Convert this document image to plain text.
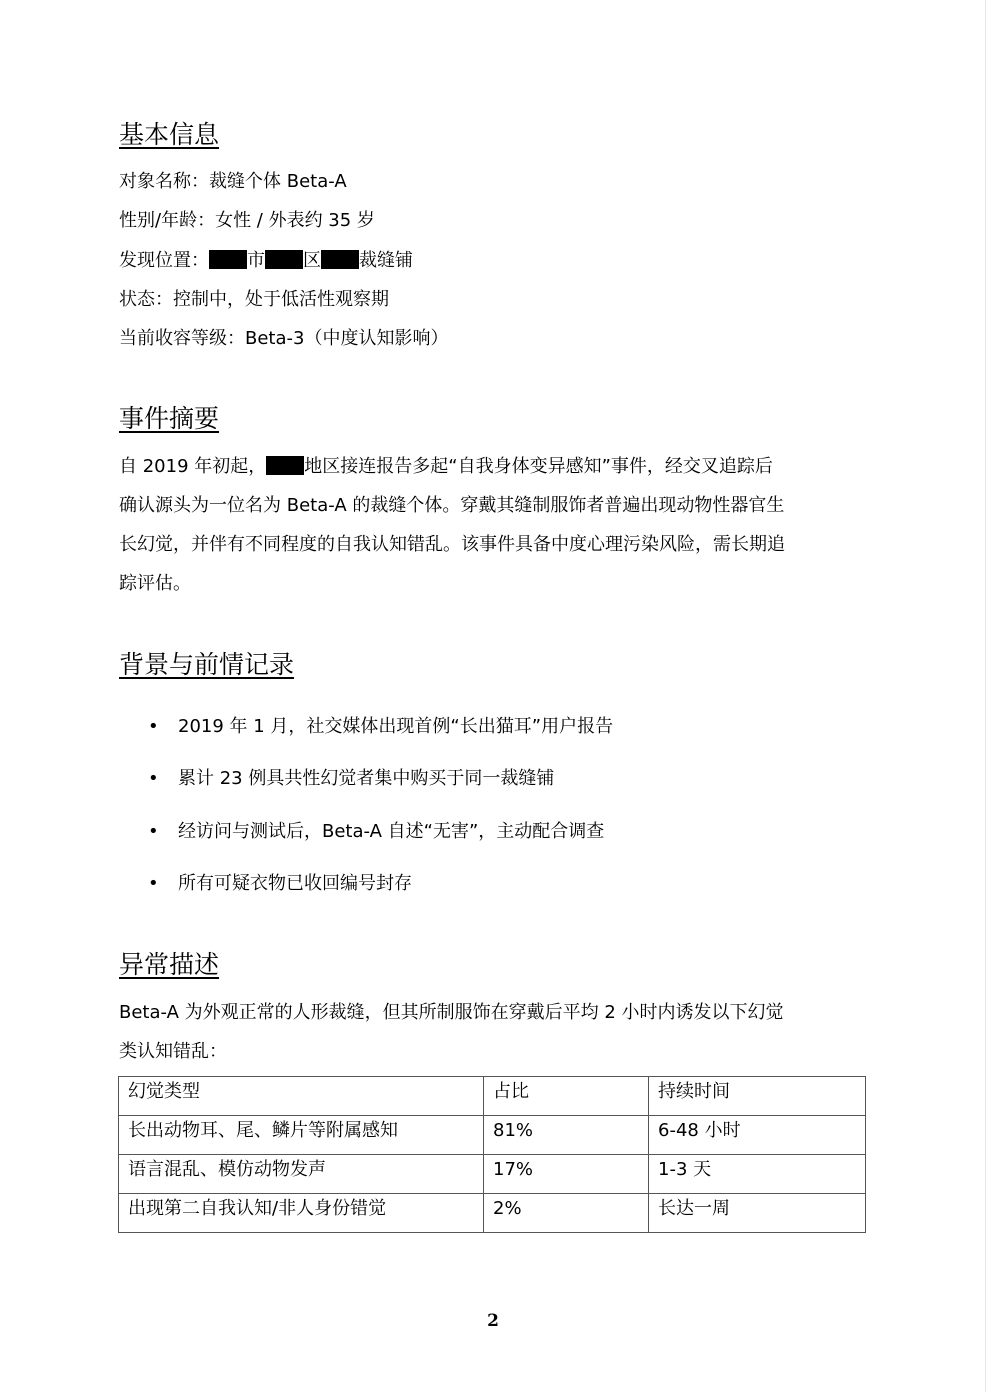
基本信息
对象名称：裁缝个体 Beta-A
性别/年龄：女性 / 外表约 35 岁
发现位置： 市 区 裁缝铺
状态：控制中，处于低活性观察期
当前收容等级：Beta-3（中度认知影响）
事件摘要
自 2019 年初起， 地区接连报告多起“自我身体变异感知”事件，经交叉追踪后
确认源头为一位名为 Beta-A 的裁缝个体。穿戴其缝制服饰者普遍出现动物性器官生
长幻觉，并伴有不同程度的自我认知错乱。该事件具备中度心理污染风险，需长期追
踪评估。
背景与前情记录
• 2019 年 1 月，社交媒体出现首例“长出猫耳”用户报告
• 累计 23 例具共性幻觉者集中购买于同一裁缝铺
• 经访问与测试后，Beta-A 自述“无害”，主动配合调查
• 所有可疑衣物已收回编号封存
异常描述
Beta-A 为外观正常的人形裁缝，但其所制服饰在穿戴后平均 2 小时内诱发以下幻觉
类认知错乱：
幻觉类型	占比	持续时间
长出动物耳、尾、鳞片等附属感知	81%	6-48 小时
语言混乱、模仿动物发声	17%	1-3 天
出现第二自我认知/非人身份错觉	2%	长达一周
2
